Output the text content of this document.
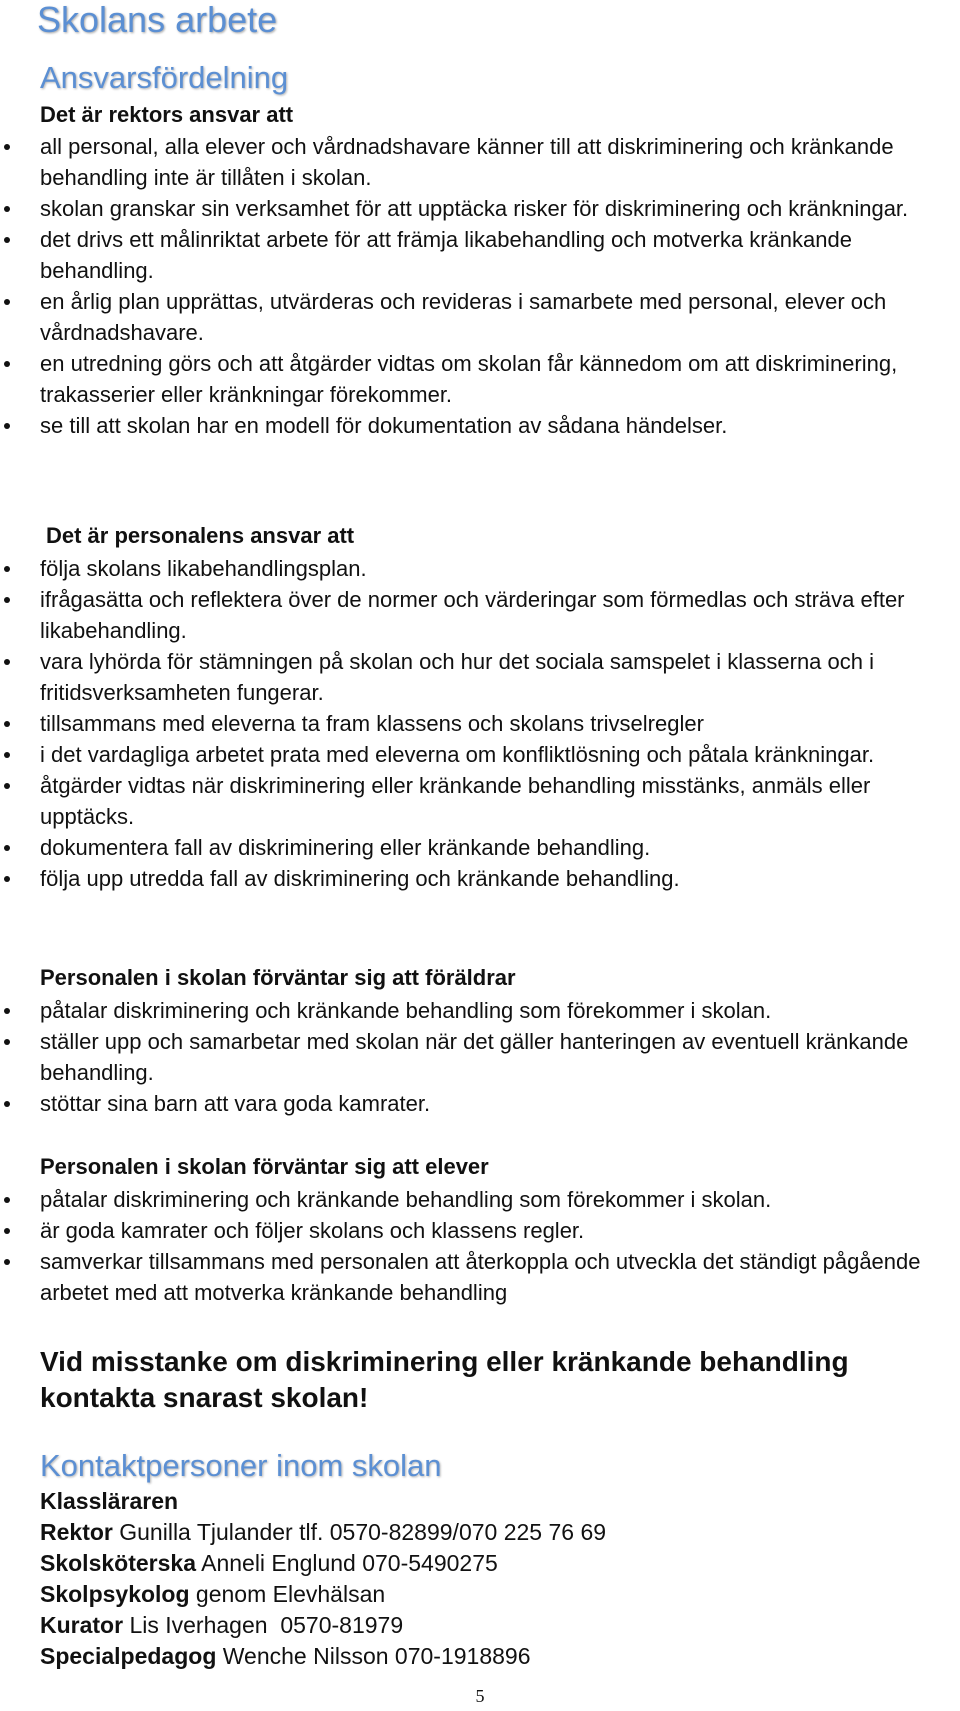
Skolans arbete
Ansvarsfördelning
Det är rektors ansvar att
all personal, alla elever och vårdnadshavare känner till att diskriminering och kränkande behandling inte är tillåten i skolan.
skolan granskar sin verksamhet för att upptäcka risker för diskriminering och kränkningar.
det drivs ett målinriktat arbete för att främja likabehandling och motverka kränkande behandling.
en årlig plan upprättas, utvärderas och revideras i samarbete med personal, elever och vårdnadshavare.
en utredning görs och att åtgärder vidtas om skolan får kännedom om att diskriminering, trakasserier eller kränkningar förekommer.
se till att skolan har en modell för dokumentation av sådana händelser.
Det är personalens ansvar att
följa skolans likabehandlingsplan.
ifrågasätta och reflektera över de normer och värderingar som förmedlas och sträva efter likabehandling.
vara lyhörda för stämningen på skolan och hur det sociala samspelet i klasserna och i fritidsverksamheten fungerar.
tillsammans med eleverna ta fram klassens och skolans trivselregler
i det vardagliga arbetet prata med eleverna om konfliktlösning och påtala kränkningar.
åtgärder vidtas när diskriminering eller kränkande behandling misstänks, anmäls eller upptäcks.
dokumentera fall av diskriminering eller kränkande behandling.
följa upp utredda fall av diskriminering och kränkande behandling.
Personalen i skolan förväntar sig att föräldrar
påtalar diskriminering och kränkande behandling som förekommer i skolan.
ställer upp och samarbetar med skolan när det gäller hanteringen av eventuell kränkande behandling.
stöttar sina barn att vara goda kamrater.
Personalen i skolan förväntar sig att elever
påtalar diskriminering och kränkande behandling som förekommer i skolan.
är goda kamrater och följer skolans och klassens regler.
samverkar tillsammans med personalen att återkoppla och utveckla det ständigt pågående arbetet med att motverka kränkande behandling
Vid misstanke om diskriminering eller kränkande behandling kontakta snarast skolan!
Kontaktpersoner inom skolan
Klassläraren
Rektor Gunilla Tjulander tlf. 0570-82899/070 225 76 69
Skolsköterska Anneli Englund 070-5490275
Skolpsykolog genom Elevhälsan
Kurator Lis Iverhagen  0570-81979
Specialpedagog Wenche Nilsson 070-1918896
5
